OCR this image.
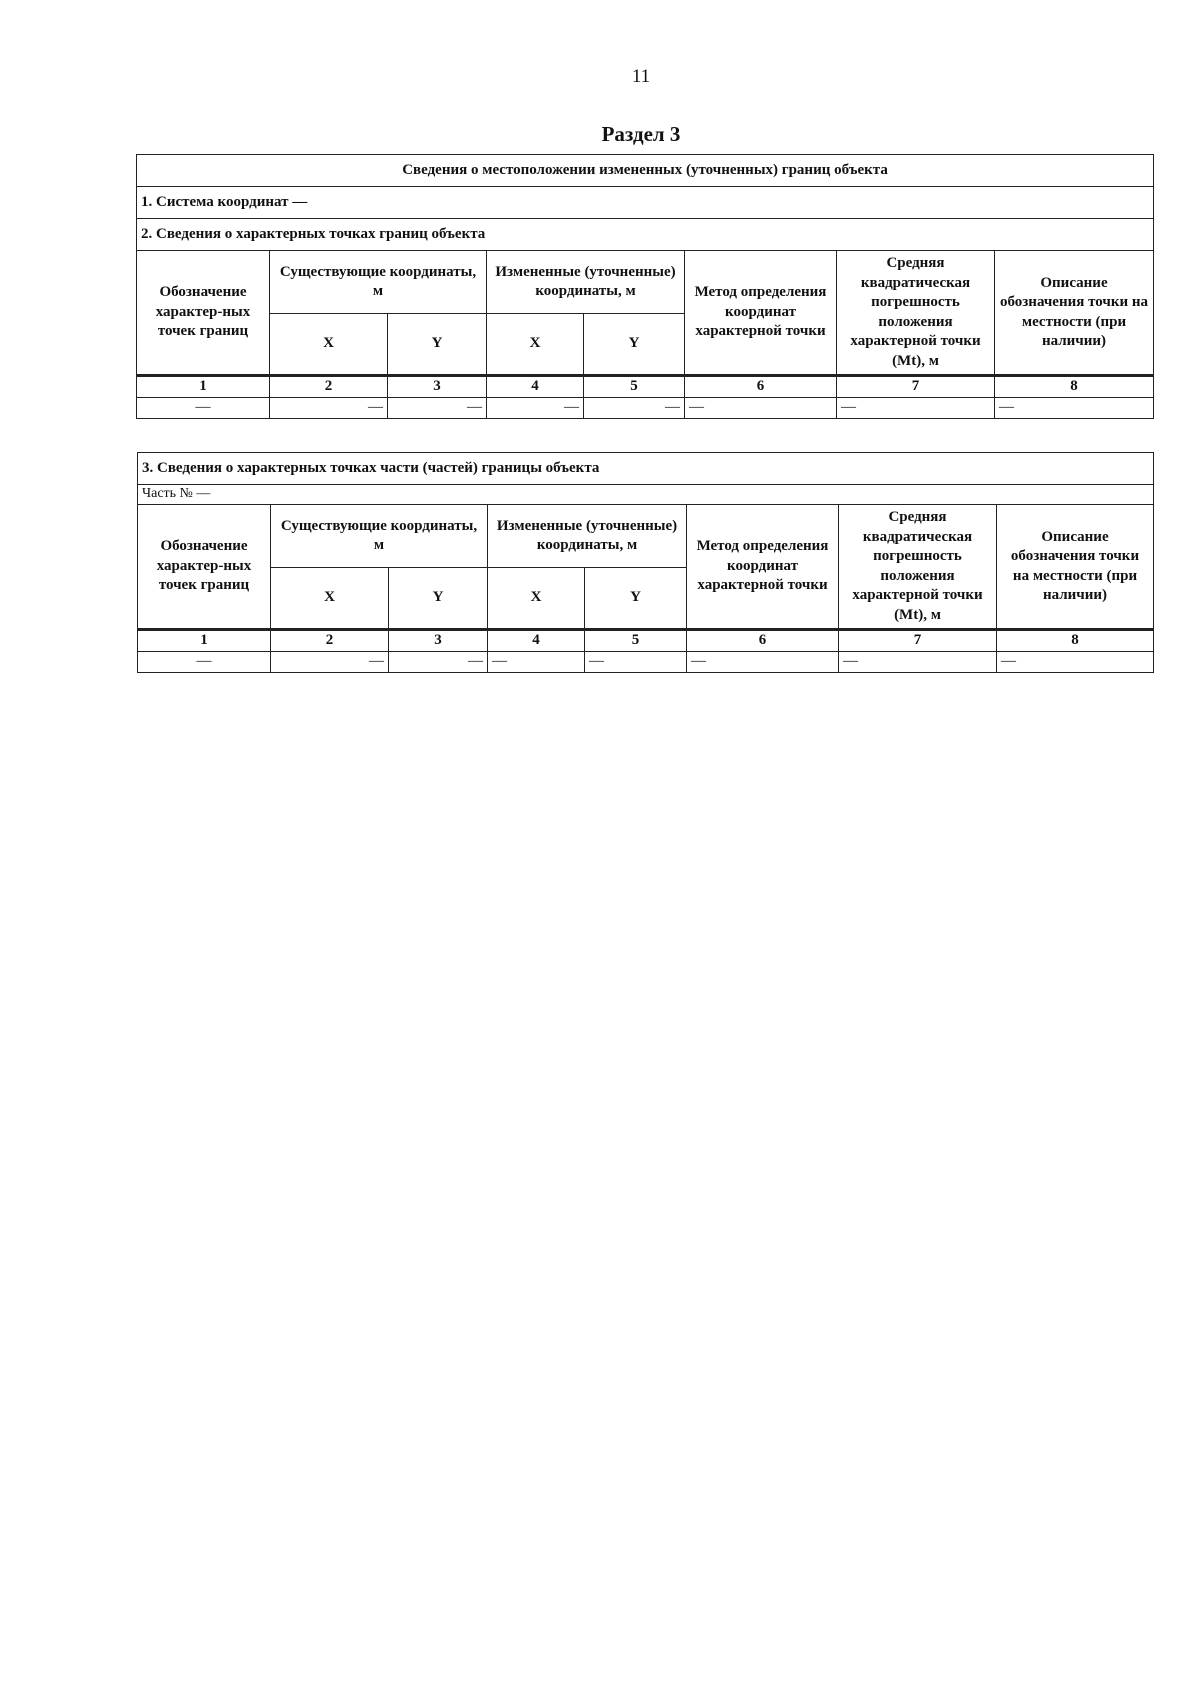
11
Раздел 3
Сведения о местоположении измененных (уточненных) границ объекта							
1. Система координат —							
2. Сведения о характерных точках границ объекта							
Обозначение характер-ных точек границ	Существующие координаты, м		Измененные (уточненные) координаты, м		Метод определения координат характерной точки	Средняя квадратическая погрешность положения характерной точки (Mt), м	Описание обозначения точки на местности (при наличии)
	X	Y	X	Y			
1	2	3	4	5	6	7	8
—	—	—	—	—	—	—	—
3. Сведения о характерных точках части (частей) границы объекта							
Часть № —							
Обозначение характер-ных точек границ	Существующие координаты, м		Измененные (уточненные) координаты, м		Метод определения координат характерной точки	Средняя квадратическая погрешность положения характерной точки (Mt), м	Описание обозначения точки на местности (при наличии)
	X	Y	X	Y			
1	2	3	4	5	6	7	8
—	—	—	—	—	—	—	—
